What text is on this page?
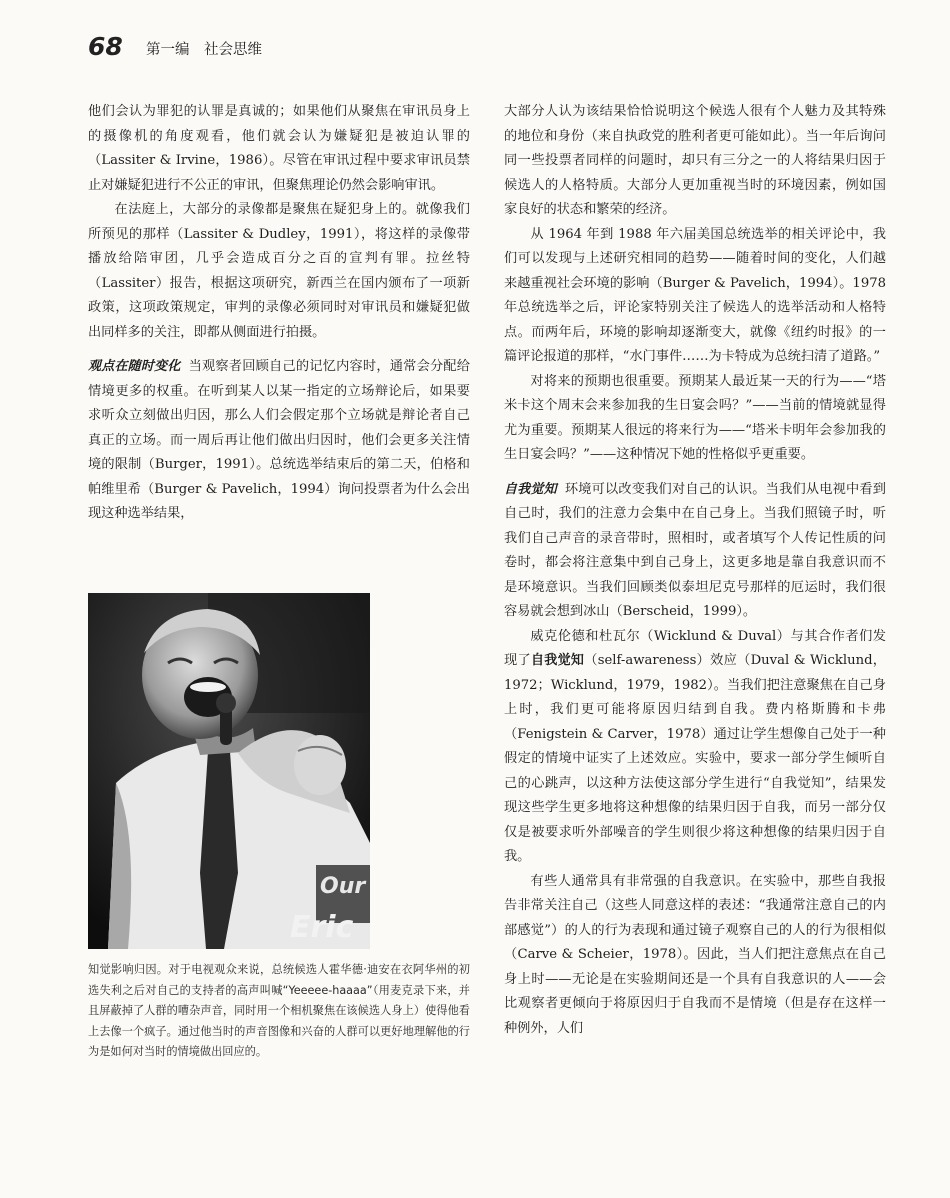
68 第一编　社会思维

他们会认为罪犯的认罪是真诚的；如果他们从聚焦在审讯员身上的摄像机的角度观看，他们就会认为嫌疑犯是被迫认罪的（Lassiter & Irvine，1986）。尽管在审讯过程中要求审讯员禁止对嫌疑犯进行不公正的审讯，但聚焦理论仍然会影响审讯。

在法庭上，大部分的录像都是聚焦在疑犯身上的。就像我们所预见的那样（Lassiter & Dudley，1991），将这样的录像带播放给陪审团，几乎会造成百分之百的宣判有罪。拉丝特（Lassiter）报告，根据这项研究，新西兰在国内颁布了一项新政策，这项政策规定，审判的录像必须同时对审讯员和嫌疑犯做出同样多的关注，即都从侧面进行拍摄。

观点在随时变化 当观察者回顾自己的记忆内容时，通常会分配给情境更多的权重。在听到某人以某一指定的立场辩论后，如果要求听众立刻做出归因，那么人们会假定那个立场就是辩论者自己真正的立场。而一周后再让他们做出归因时，他们会更多关注情境的限制（Burger，1991）。总统选举结束后的第二天，伯格和帕维里希（Burger & Pavelich，1994）询问投票者为什么会出现这种选举结果，

Our
Eric
知觉影响归因。对于电视观众来说，总统候选人霍华德·迪安在衣阿华州的初选失利之后对自己的支持者的高声叫喊“Yeeeee-haaaa”（用麦克录下来，并且屏蔽掉了人群的嘈杂声音，同时用一个相机聚焦在该候选人身上）使得他看上去像一个疯子。通过他当时的声音图像和兴奋的人群可以更好地理解他的行为是如何对当时的情境做出回应的。

大部分人认为该结果恰恰说明这个候选人很有个人魅力及其特殊的地位和身份（来自执政党的胜利者更可能如此）。当一年后询问同一些投票者同样的问题时，却只有三分之一的人将结果归因于候选人的人格特质。大部分人更加重视当时的环境因素，例如国家良好的状态和繁荣的经济。

从 1964 年到 1988 年六届美国总统选举的相关评论中，我们可以发现与上述研究相同的趋势——随着时间的变化，人们越来越重视社会环境的影响（Burger & Pavelich，1994）。1978 年总统选举之后，评论家特别关注了候选人的选举活动和人格特点。而两年后，环境的影响却逐渐变大，就像《纽约时报》的一篇评论报道的那样，“水门事件……为卡特成为总统扫清了道路。”

对将来的预期也很重要。预期某人最近某一天的行为——“塔米卡这个周末会来参加我的生日宴会吗？”——当前的情境就显得尤为重要。预期某人很远的将来行为——“塔米卡明年会参加我的生日宴会吗？”——这种情况下她的性格似乎更重要。

自我觉知 环境可以改变我们对自己的认识。当我们从电视中看到自己时，我们的注意力会集中在自己身上。当我们照镜子时，听我们自己声音的录音带时，照相时，或者填写个人传记性质的问卷时，都会将注意集中到自己身上，这更多地是靠自我意识而不是环境意识。当我们回顾类似泰坦尼克号那样的厄运时，我们很容易就会想到冰山（Berscheid，1999）。

威克伦德和杜瓦尔（Wicklund & Duval）与其合作者们发现了自我觉知（self-awareness）效应（Duval & Wicklund，1972；Wicklund，1979，1982）。当我们把注意聚焦在自己身上时，我们更可能将原因归结到自我。费内格斯腾和卡弗（Fenigstein & Carver，1978）通过让学生想像自己处于一种假定的情境中证实了上述效应。实验中，要求一部分学生倾听自己的心跳声，以这种方法使这部分学生进行“自我觉知”，结果发现这些学生更多地将这种想像的结果归因于自我，而另一部分仅仅是被要求听外部噪音的学生则很少将这种想像的结果归因于自我。

有些人通常具有非常强的自我意识。在实验中，那些自我报告非常关注自己（这些人同意这样的表述：“我通常注意自己的内部感觉”）的人的行为表现和通过镜子观察自己的人的行为很相似（Carve & Scheier，1978）。因此，当人们把注意焦点在自己身上时——无论是在实验期间还是一个具有自我意识的人——会比观察者更倾向于将原因归于自我而不是情境（但是存在这样一种例外，人们
